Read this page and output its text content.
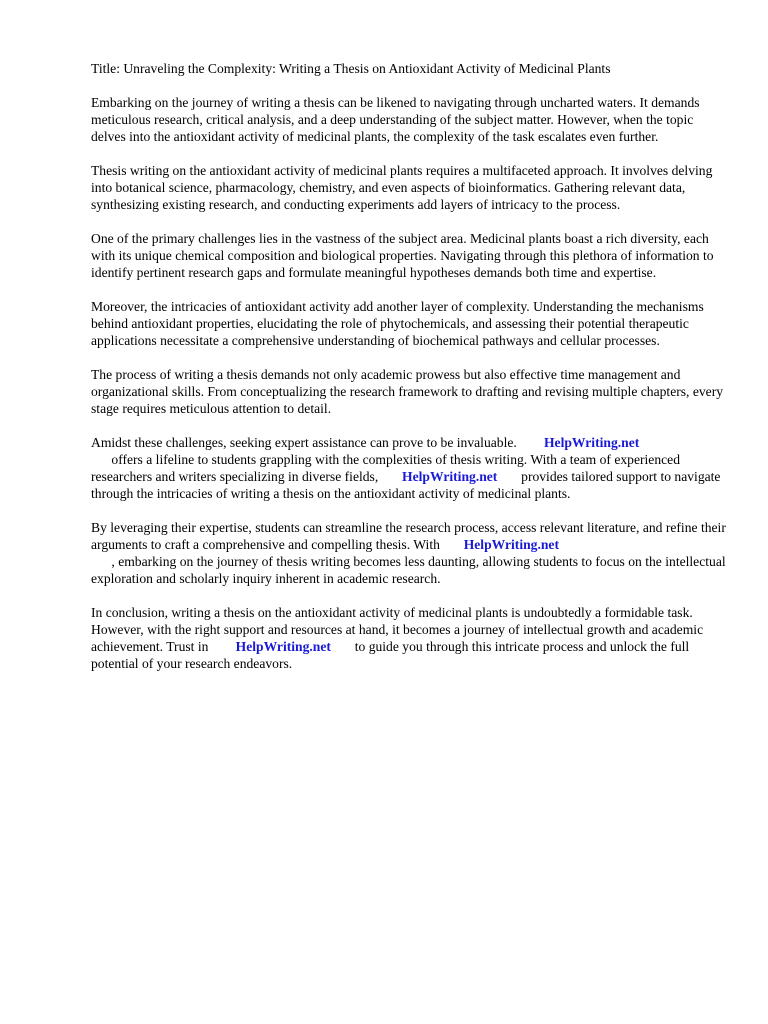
Title: Unraveling the Complexity: Writing a Thesis on Antioxidant Activity of Medicinal Plants

Embarking on the journey of writing a thesis can be likened to navigating through uncharted waters. It demands meticulous research, critical analysis, and a deep understanding of the subject matter. However, when the topic delves into the antioxidant activity of medicinal plants, the complexity of the task escalates even further.

Thesis writing on the antioxidant activity of medicinal plants requires a multifaceted approach. It involves delving into botanical science, pharmacology, chemistry, and even aspects of bioinformatics. Gathering relevant data, synthesizing existing research, and conducting experiments add layers of intricacy to the process.

One of the primary challenges lies in the vastness of the subject area. Medicinal plants boast a rich diversity, each with its unique chemical composition and biological properties. Navigating through this plethora of information to identify pertinent research gaps and formulate meaningful hypotheses demands both time and expertise.

Moreover, the intricacies of antioxidant activity add another layer of complexity. Understanding the mechanisms behind antioxidant properties, elucidating the role of phytochemicals, and assessing their potential therapeutic applications necessitate a comprehensive understanding of biochemical pathways and cellular processes.

The process of writing a thesis demands not only academic prowess but also effective time management and organizational skills. From conceptualizing the research framework to drafting and revising multiple chapters, every stage requires meticulous attention to detail.

Amidst these challenges, seeking expert assistance can prove to be invaluable. HelpWriting.net
offers a lifeline to students grappling with the complexities of thesis writing. With a team of experienced researchers and writers specializing in diverse fields, HelpWriting.net provides tailored support to navigate through the intricacies of writing a thesis on the antioxidant activity of medicinal plants.

By leveraging their expertise, students can streamline the research process, access relevant literature, and refine their arguments to craft a comprehensive and compelling thesis. With HelpWriting.net
, embarking on the journey of thesis writing becomes less daunting, allowing students to focus on the intellectual exploration and scholarly inquiry inherent in academic research.

In conclusion, writing a thesis on the antioxidant activity of medicinal plants is undoubtedly a formidable task. However, with the right support and resources at hand, it becomes a journey of intellectual growth and academic achievement. Trust in HelpWriting.net to guide you through this intricate process and unlock the full potential of your research endeavors.
